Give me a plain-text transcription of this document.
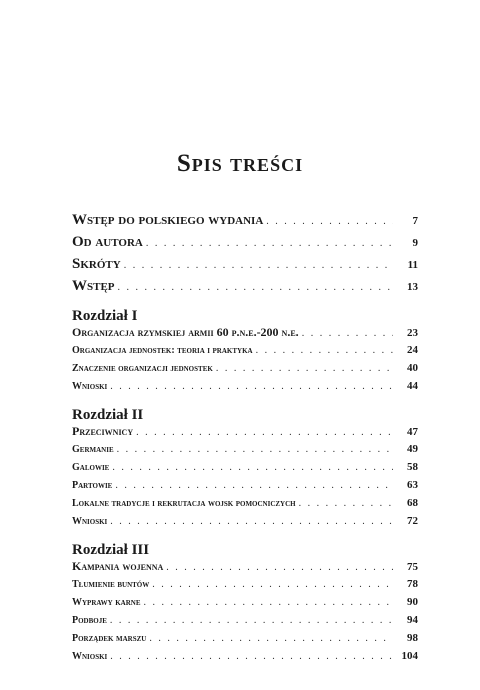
Spis treści
Wstęp do polskiego wydania . . .	7
Od autora . . .	9
Skróty . . .	11
Wstęp . . .	13
Rozdział I
Organizacja rzymskiej armii 60 p.n.e.-200 n.e. . . .	23
Organizacja jednostek: teoria i praktyka . . .	24
Znaczenie organizacji jednostek . . .	40
Wnioski . . .	44
Rozdział II
Przeciwnicy . . .	47
Germanie . . .	49
Galowie . . .	58
Partowie . . .	63
Lokalne tradycje i rekrutacja wojsk pomocniczych . . .	68
Wnioski . . .	72
Rozdział III
Kampania wojenna . . .	75
Tłumienie buntów . . .	78
Wyprawy karne . . .	90
Podboje . . .	94
Porządek marszu . . .	98
Wnioski . . .	104
